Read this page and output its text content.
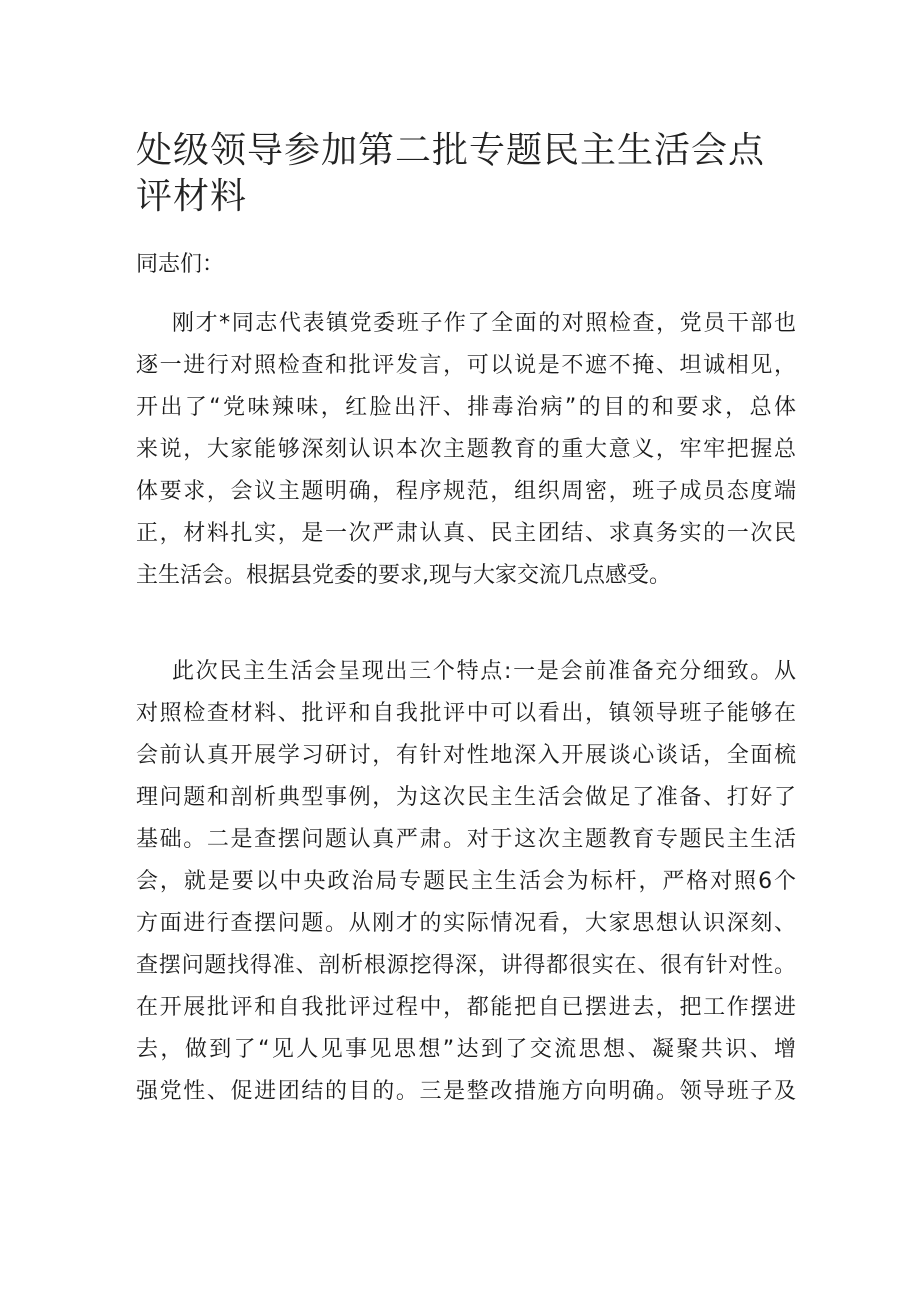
处级领导参加第二批专题民主生活会点评材料

同志们：

刚才*同志代表镇党委班子作了全面的对照检查，党员干部也
逐一进行对照检查和批评发言，可以说是不遮不掩、坦诚相见，
开出了“党味辣味，红脸出汗、排毒治病”的目的和要求，总体
来说，大家能够深刻认识本次主题教育的重大意义，牢牢把握总
体要求，会议主题明确，程序规范，组织周密，班子成员态度端
正，材料扎实，是一次严肃认真、民主团结、求真务实的一次民
主生活会。根据县党委的要求,现与大家交流几点感受。
此次民主生活会呈现出三个特点:一是会前准备充分细致。从
对照检查材料、批评和自我批评中可以看出，镇领导班子能够在
会前认真开展学习研讨，有针对性地深入开展谈心谈话，全面梳
理问题和剖析典型事例，为这次民主生活会做足了准备、打好了
基础。二是查摆问题认真严肃。对于这次主题教育专题民主生活
会，就是要以中央政治局专题民主生活会为标杆，严格对照6个
方面进行查摆问题。从刚才的实际情况看，大家思想认识深刻、
查摆问题找得准、剖析根源挖得深，讲得都很实在、很有针对性。
在开展批评和自我批评过程中，都能把自已摆进去，把工作摆进
去，做到了“见人见事见思想”达到了交流思想、凝聚共识、增
强党性、促进团结的目的。三是整改措施方向明确。领导班子及
